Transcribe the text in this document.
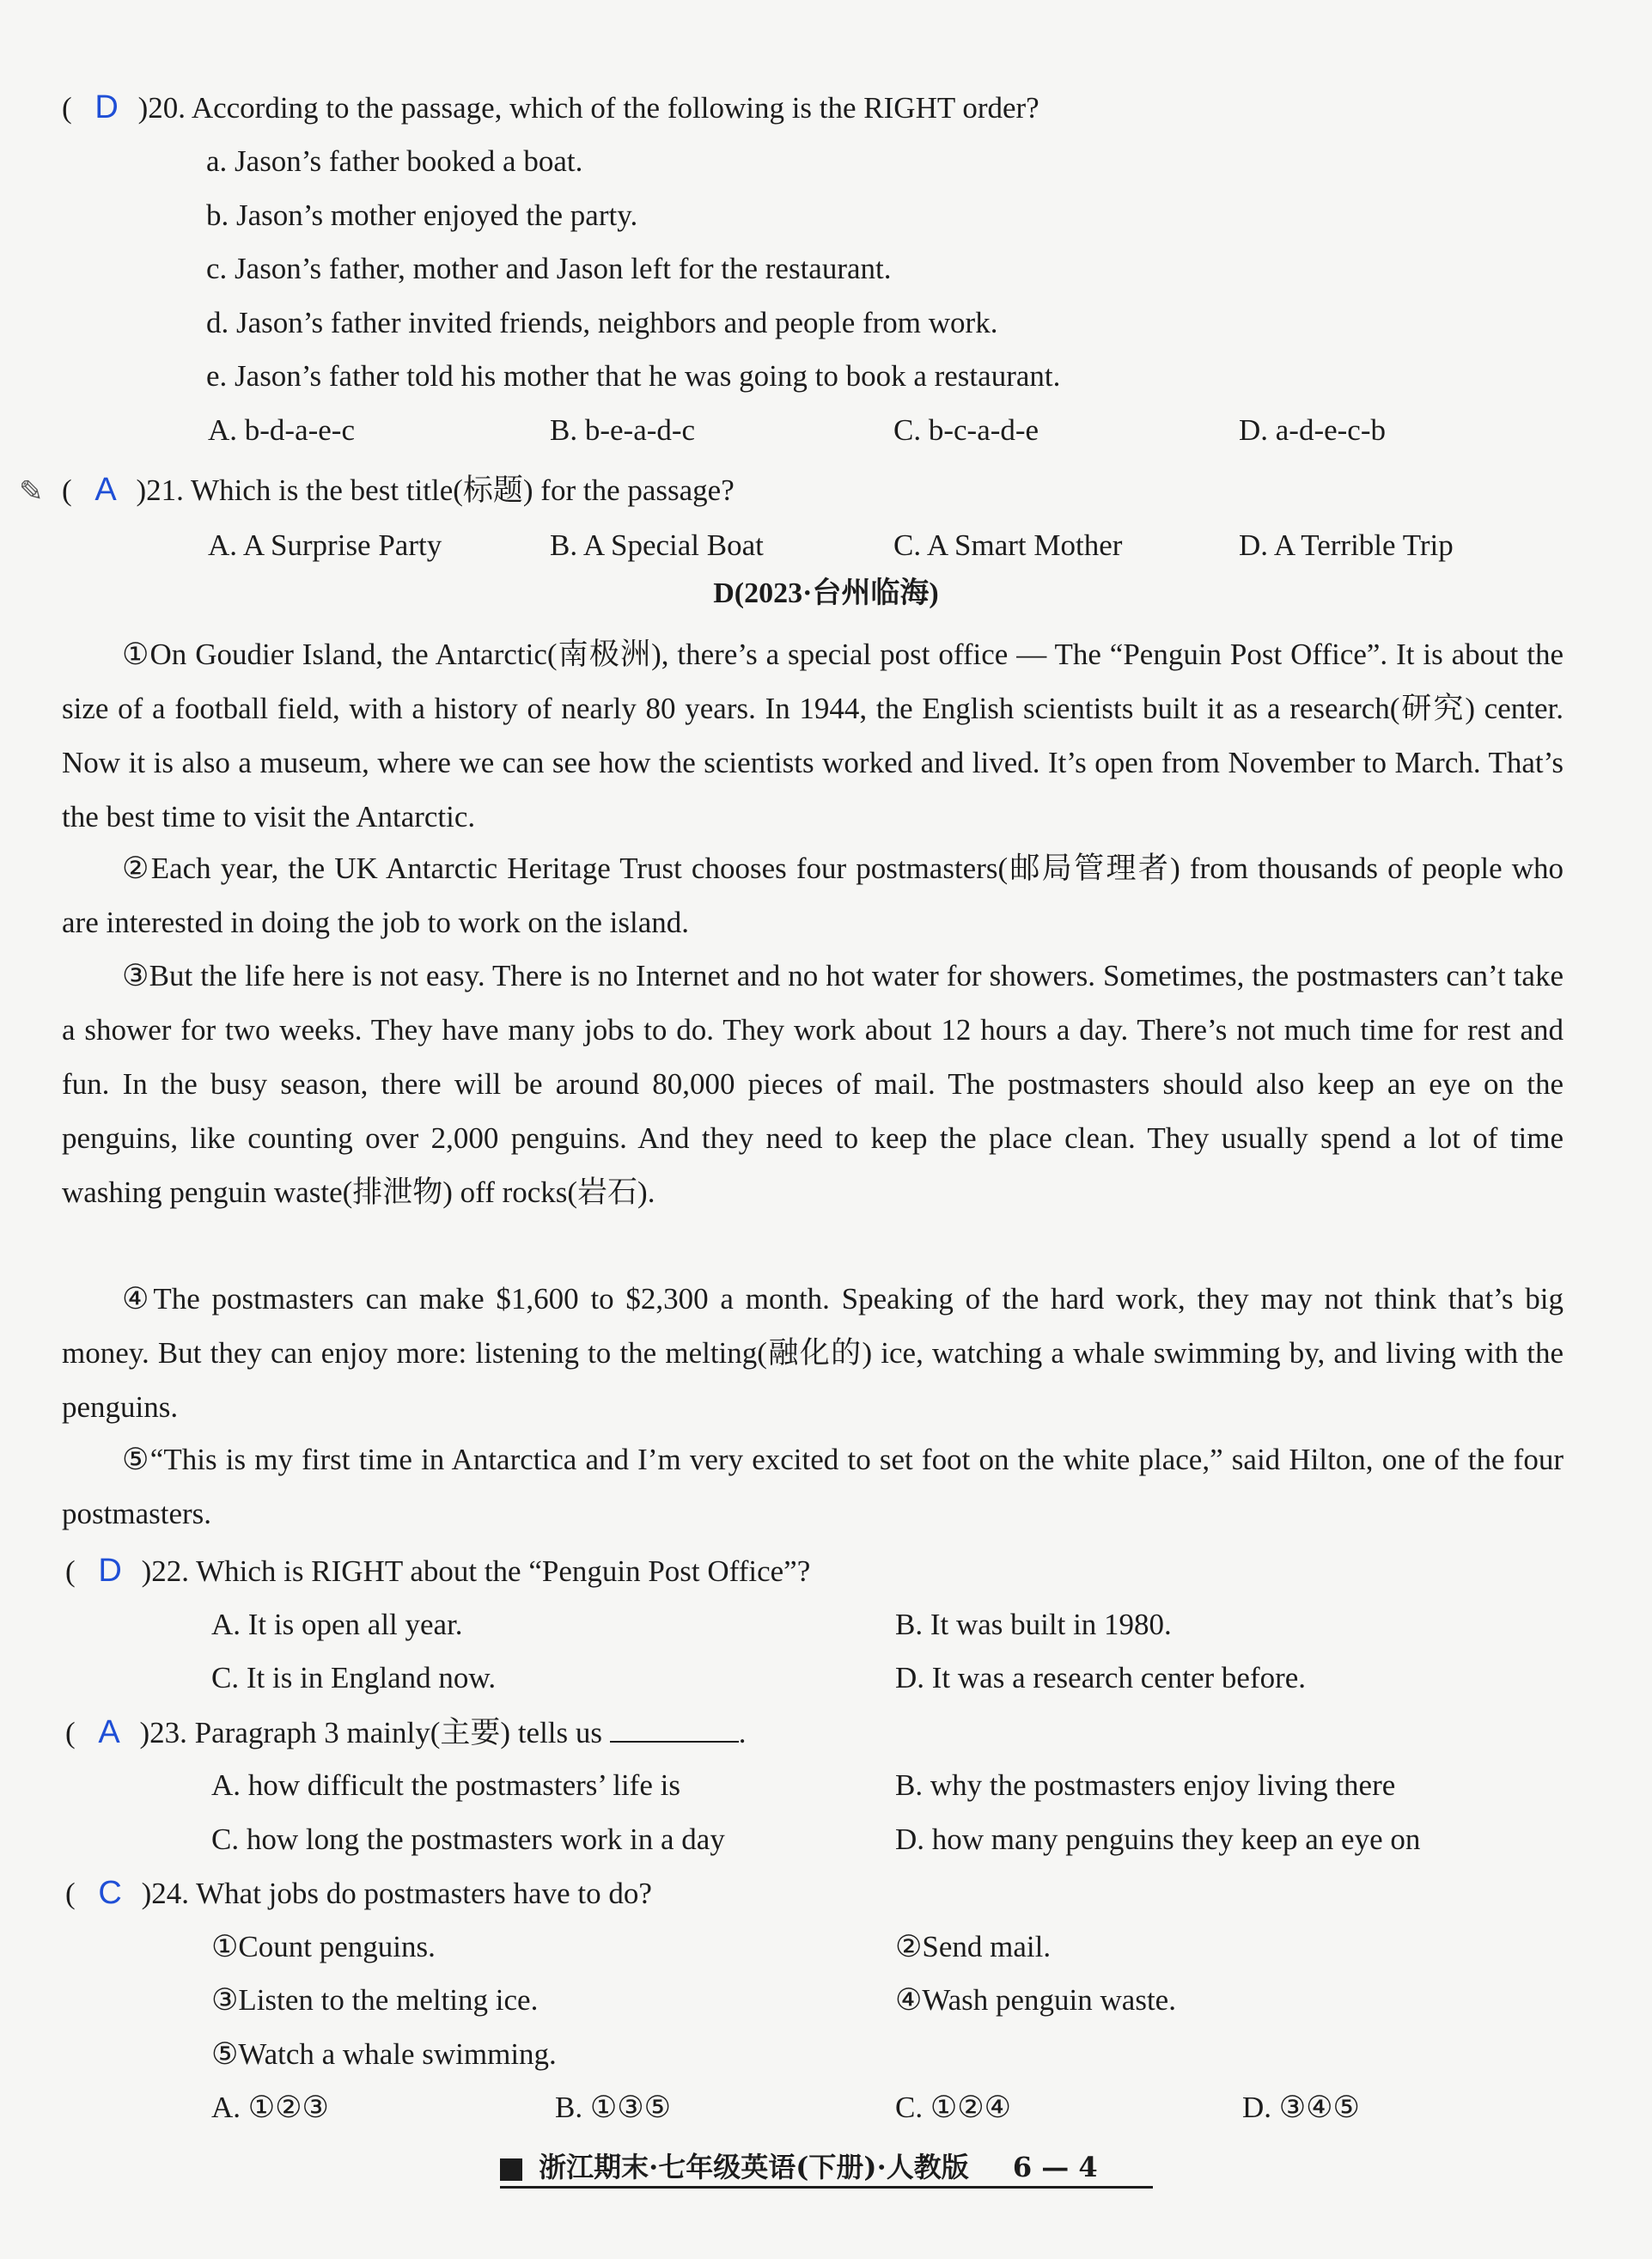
( D )20. According to the passage, which of the following is the RIGHT order?
a. Jason’s father booked a boat.
b. Jason’s mother enjoyed the party.
c. Jason’s father, mother and Jason left for the restaurant.
d. Jason’s father invited friends, neighbors and people from work.
e. Jason’s father told his mother that he was going to book a restaurant.
A. b-d-a-e-c	B. b-e-a-d-c	C. b-c-a-d-e	D. a-d-e-c-b
✎ ( A )21. Which is the best title(标题) for the passage?
A. A Surprise Party	B. A Special Boat	C. A Smart Mother	D. A Terrible Trip
D(2023·台州临海)
①On Goudier Island, the Antarctic(南极洲), there’s a special post office — The “Penguin Post Office”. It is about the size of a football field, with a history of nearly 80 years. In 1944, the English scientists built it as a research(研究) center. Now it is also a museum, where we can see how the scientists worked and lived. It’s open from November to March. That’s the best time to visit the Antarctic.
②Each year, the UK Antarctic Heritage Trust chooses four postmasters(邮局管理者) from thousands of people who are interested in doing the job to work on the island.
③But the life here is not easy. There is no Internet and no hot water for showers. Sometimes, the postmasters can’t take a shower for two weeks. They have many jobs to do. They work about 12 hours a day. There’s not much time for rest and fun. In the busy season, there will be around 80,000 pieces of mail. The postmasters should also keep an eye on the penguins, like counting over 2,000 penguins. And they need to keep the place clean. They usually spend a lot of time washing penguin waste(排泄物) off rocks(岩石).
④The postmasters can make $1,600 to $2,300 a month. Speaking of the hard work, they may not think that’s big money. But they can enjoy more: listening to the melting(融化的) ice, watching a whale swimming by, and living with the penguins.
⑤“This is my first time in Antarctica and I’m very excited to set foot on the white place,” said Hilton, one of the four postmasters.
( D )22. Which is RIGHT about the “Penguin Post Office”?
A. It is open all year.	B. It was built in 1980.
C. It is in England now.	D. It was a research center before.
( A )23. Paragraph 3 mainly(主要) tells us	.
A. how difficult the postmasters’ life is	B. why the postmasters enjoy living there
C. how long the postmasters work in a day	D. how many penguins they keep an eye on
( C )24. What jobs do postmasters have to do?
①Count penguins.	②Send mail.
③Listen to the melting ice.	④Wash penguin waste.
⑤Watch a whale swimming.
A. ①②③	B. ①③⑤	C. ①②④	D. ③④⑤
浙江期末·七年级英语(下册)·人教版 6 — 4
